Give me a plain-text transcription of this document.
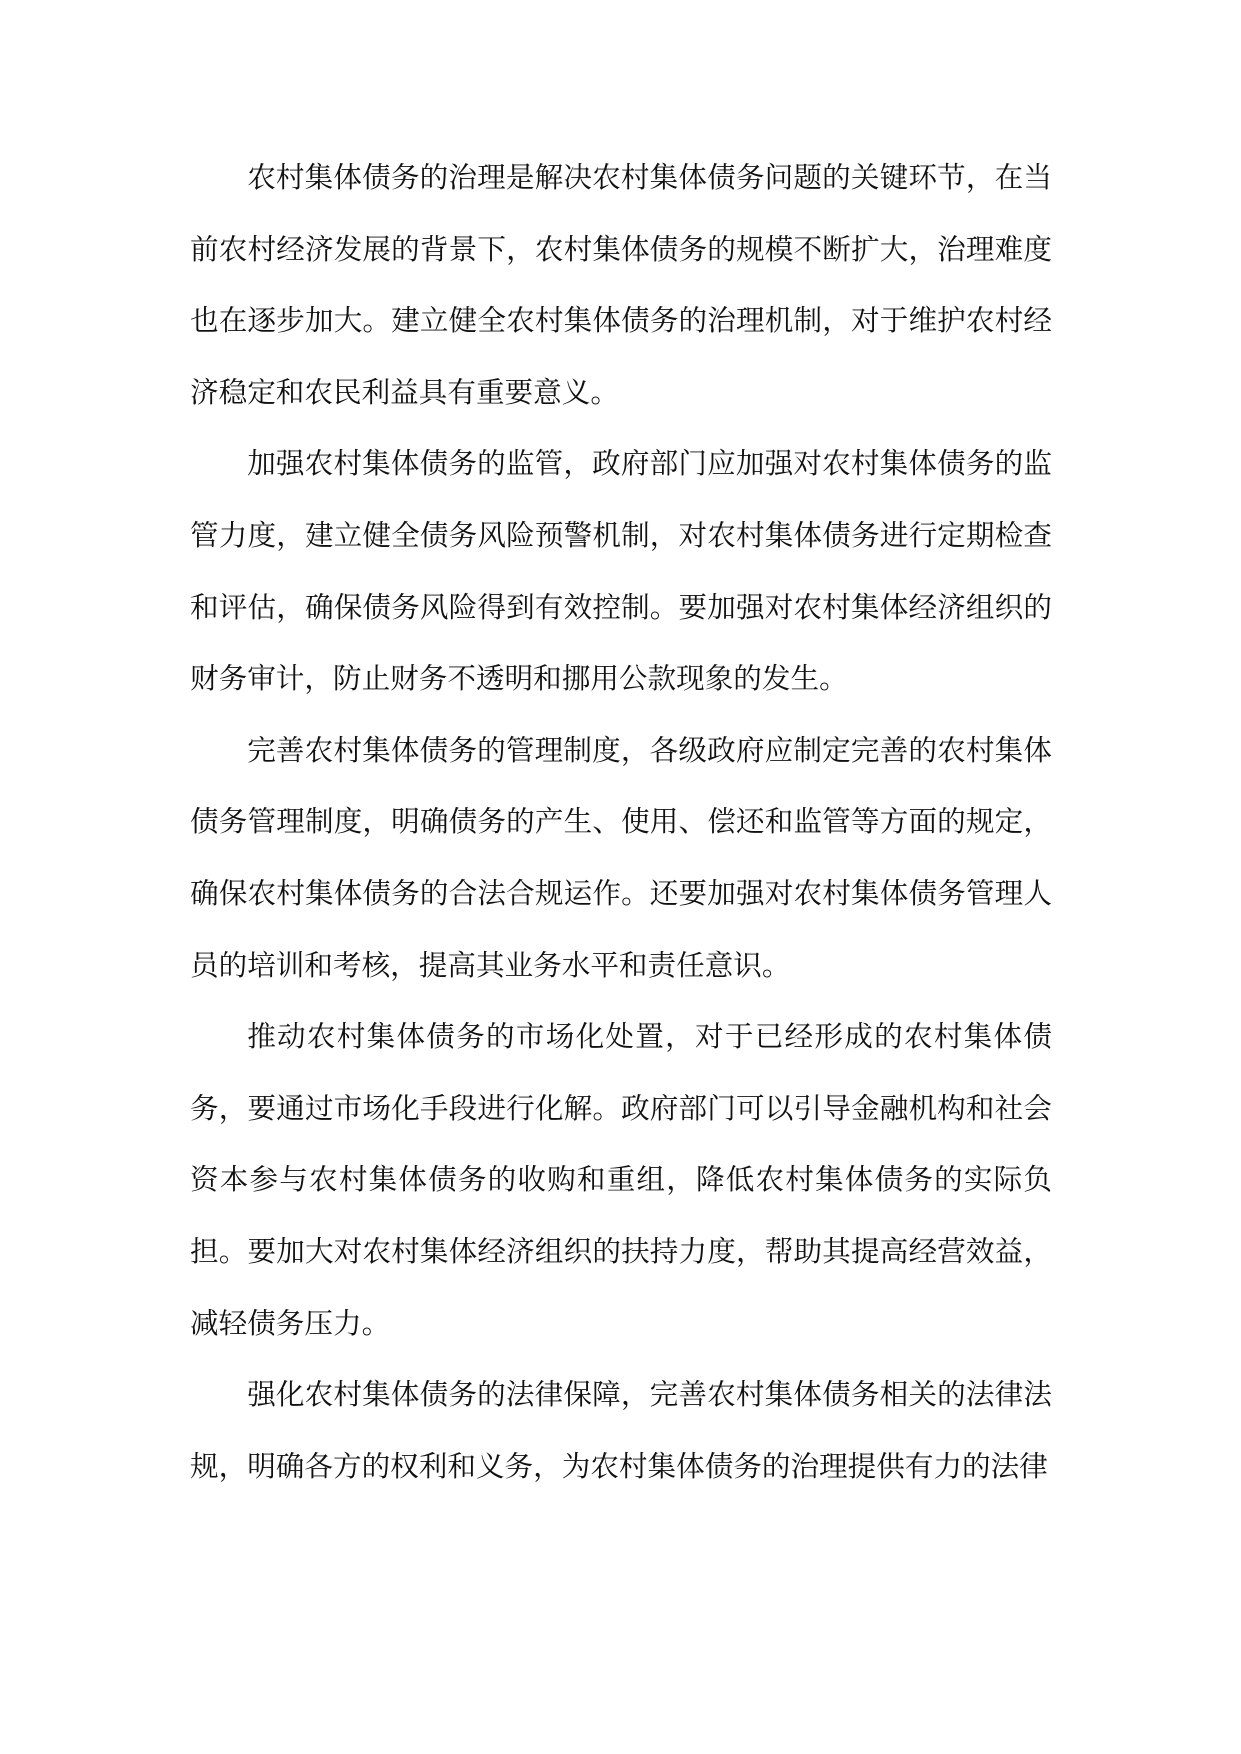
农村集体债务的治理是解决农村集体债务问题的关键环节，在当前农村经济发展的背景下，农村集体债务的规模不断扩大，治理难度也在逐步加大。建立健全农村集体债务的治理机制，对于维护农村经济稳定和农民利益具有重要意义。

加强农村集体债务的监管，政府部门应加强对农村集体债务的监管力度，建立健全债务风险预警机制，对农村集体债务进行定期检查和评估，确保债务风险得到有效控制。要加强对农村集体经济组织的财务审计，防止财务不透明和挪用公款现象的发生。

完善农村集体债务的管理制度，各级政府应制定完善的农村集体债务管理制度，明确债务的产生、使用、偿还和监管等方面的规定，确保农村集体债务的合法合规运作。还要加强对农村集体债务管理人员的培训和考核，提高其业务水平和责任意识。

推动农村集体债务的市场化处置，对于已经形成的农村集体债务，要通过市场化手段进行化解。政府部门可以引导金融机构和社会资本参与农村集体债务的收购和重组，降低农村集体债务的实际负担。要加大对农村集体经济组织的扶持力度，帮助其提高经营效益，减轻债务压力。

强化农村集体债务的法律保障，完善农村集体债务相关的法律法规，明确各方的权利和义务，为农村集体债务的治理提供有力的法律
